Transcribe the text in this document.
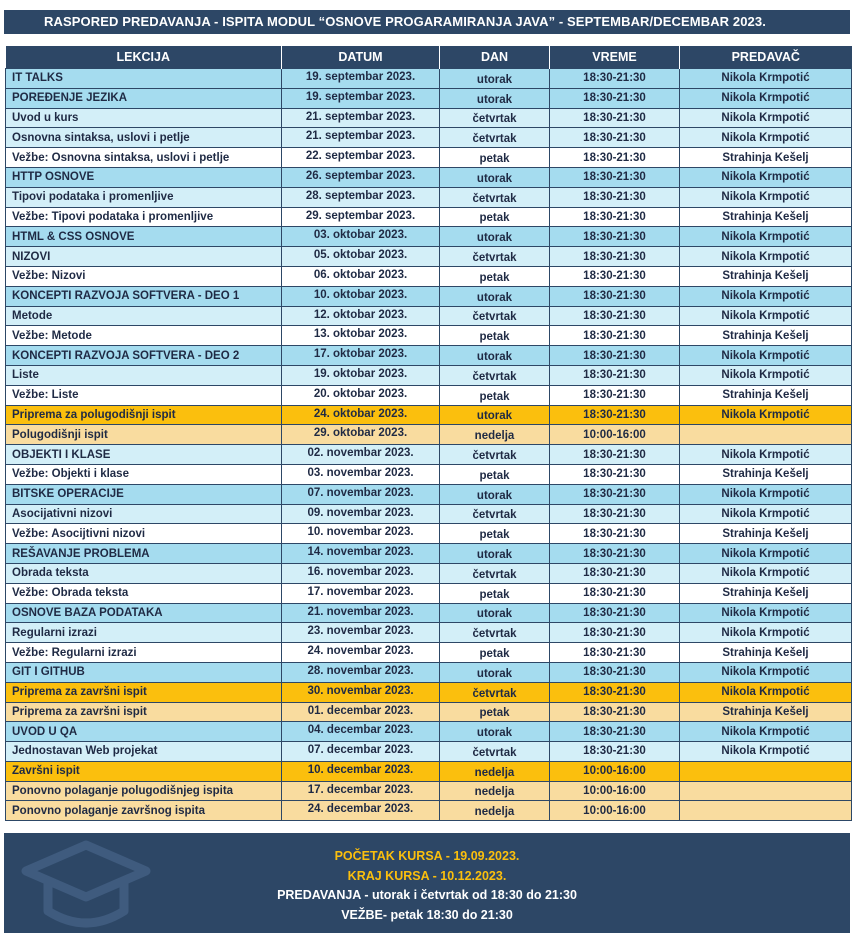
RASPORED PREDAVANJA - ISPITA MODUL “OSNOVE PROGARAMIRANJA JAVA” - SEPTEMBAR/DECEMBAR 2023.
LEKCIJA	DATUM	DAN	VREME	PREDAVAČ
IT TALKS	19. septembar 2023.	utorak	18:30-21:30	Nikola Krmpotić
POREĐENJE JEZIKA	19. septembar 2023.	utorak	18:30-21:30	Nikola Krmpotić
Uvod u kurs	21. septembar 2023.	četvrtak	18:30-21:30	Nikola Krmpotić
Osnovna sintaksa, uslovi i petlje	21. septembar 2023.	četvrtak	18:30-21:30	Nikola Krmpotić
Vežbe: Osnovna sintaksa, uslovi i petlje	22. septembar 2023.	petak	18:30-21:30	Strahinja Kešelj
HTTP OSNOVE	26. septembar 2023.	utorak	18:30-21:30	Nikola Krmpotić
Tipovi podataka i promenljive	28. septembar 2023.	četvrtak	18:30-21:30	Nikola Krmpotić
Vežbe: Tipovi podataka i promenljive	29. septembar 2023.	petak	18:30-21:30	Strahinja Kešelj
HTML & CSS OSNOVE	03. oktobar 2023.	utorak	18:30-21:30	Nikola Krmpotić
NIZOVI	05. oktobar 2023.	četvrtak	18:30-21:30	Nikola Krmpotić
Vežbe: Nizovi	06. oktobar 2023.	petak	18:30-21:30	Strahinja Kešelj
KONCEPTI RAZVOJA SOFTVERA - DEO 1	10. oktobar 2023.	utorak	18:30-21:30	Nikola Krmpotić
Metode	12. oktobar 2023.	četvrtak	18:30-21:30	Nikola Krmpotić
Vežbe: Metode	13. oktobar 2023.	petak	18:30-21:30	Strahinja Kešelj
KONCEPTI RAZVOJA SOFTVERA - DEO 2	17. oktobar 2023.	utorak	18:30-21:30	Nikola Krmpotić
Liste	19. oktobar 2023.	četvrtak	18:30-21:30	Nikola Krmpotić
Vežbe: Liste	20. oktobar 2023.	petak	18:30-21:30	Strahinja Kešelj
Priprema za polugodišnji ispit	24. oktobar 2023.	utorak	18:30-21:30	Nikola Krmpotić
Polugodišnji ispit	29. oktobar 2023.	nedelja	10:00-16:00	
OBJEKTI I KLASE	02. novembar 2023.	četvrtak	18:30-21:30	Nikola Krmpotić
Vežbe: Objekti i klase	03. novembar 2023.	petak	18:30-21:30	Strahinja Kešelj
BITSKE OPERACIJE	07. novembar 2023.	utorak	18:30-21:30	Nikola Krmpotić
Asocijativni nizovi	09. novembar 2023.	četvrtak	18:30-21:30	Nikola Krmpotić
Vežbe: Asocijtivni nizovi	10. novembar 2023.	petak	18:30-21:30	Strahinja Kešelj
REŠAVANJE PROBLEMA	14. novembar 2023.	utorak	18:30-21:30	Nikola Krmpotić
Obrada teksta	16. novembar 2023.	četvrtak	18:30-21:30	Nikola Krmpotić
Vežbe: Obrada teksta	17. novembar 2023.	petak	18:30-21:30	Strahinja Kešelj
OSNOVE BAZA PODATAKA	21. novembar 2023.	utorak	18:30-21:30	Nikola Krmpotić
Regularni izrazi	23. novembar 2023.	četvrtak	18:30-21:30	Nikola Krmpotić
Vežbe: Regularni izrazi	24. novembar 2023.	petak	18:30-21:30	Strahinja Kešelj
GIT I GITHUB	28. novembar 2023.	utorak	18:30-21:30	Nikola Krmpotić
Priprema za završni ispit	30. novembar 2023.	četvrtak	18:30-21:30	Nikola Krmpotić
Priprema za završni ispit	01. decembar 2023.	petak	18:30-21:30	Strahinja Kešelj
UVOD U QA	04. decembar 2023.	utorak	18:30-21:30	Nikola Krmpotić
Jednostavan Web projekat	07. decembar 2023.	četvrtak	18:30-21:30	Nikola Krmpotić
Završni ispit	10. decembar 2023.	nedelja	10:00-16:00	
Ponovno polaganje polugodišnjeg ispita	17. decembar 2023.	nedelja	10:00-16:00	
Ponovno polaganje završnog ispita	24. decembar 2023.	nedelja	10:00-16:00	
POČETAK KURSA - 19.09.2023.
KRAJ KURSA - 10.12.2023.
PREDAVANJA - utorak i četvrtak od 18:30 do 21:30
VEŽBE- petak 18:30 do 21:30
